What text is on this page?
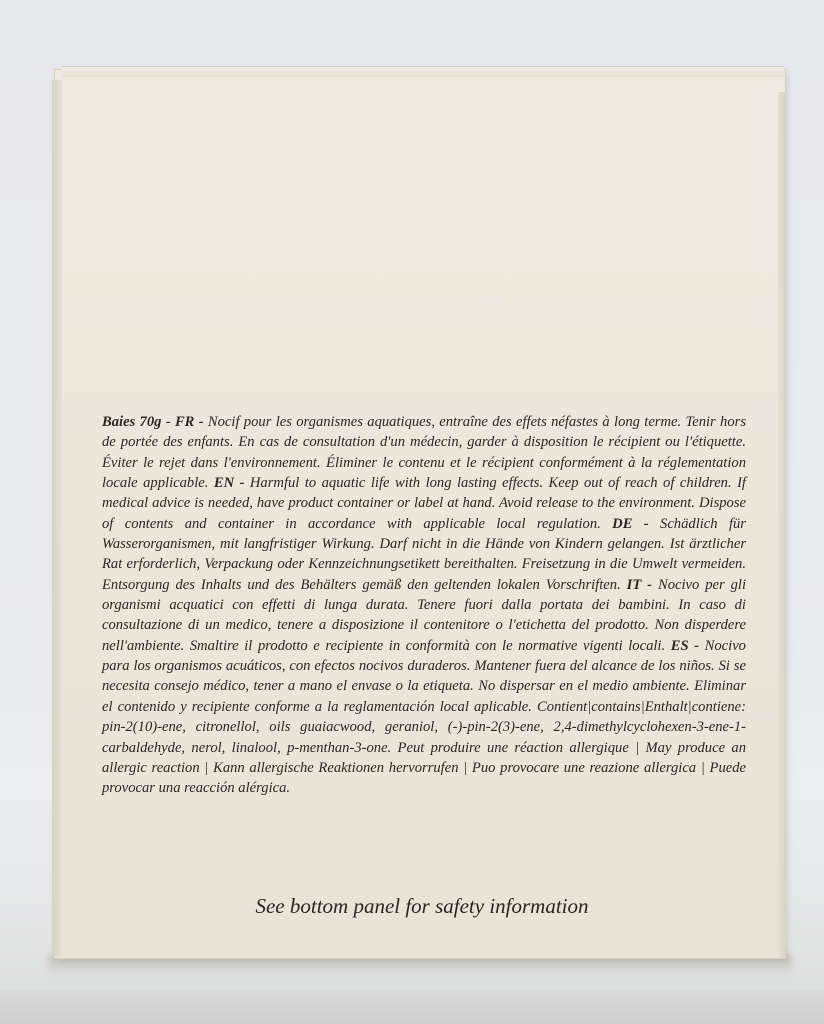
Baies 70g - FR - Nocif pour les organismes aquatiques, entraîne des effets néfastes à long terme. Tenir hors de portée des enfants. En cas de consultation d'un médecin, garder à disposition le récipient ou l'étiquette. Éviter le rejet dans l'environnement. Éliminer le contenu et le récipient conformément à la réglementation locale applicable. EN - Harmful to aquatic life with long lasting effects. Keep out of reach of children. If medical advice is needed, have product container or label at hand. Avoid release to the environment. Dispose of contents and container in accordance with applicable local regulation. DE - Schädlich für Wasserorganismen, mit langfristiger Wirkung. Darf nicht in die Hände von Kindern gelangen. Ist ärztlicher Rat erforderlich, Verpackung oder Kennzeichnungsetikett bereithalten. Freisetzung in die Umwelt vermeiden. Entsorgung des Inhalts und des Behälters gemäß den geltenden lokalen Vorschriften. IT - Nocivo per gli organismi acquatici con effetti di lunga durata. Tenere fuori dalla portata dei bambini. In caso di consultazione di un medico, tenere a disposizione il contenitore o l'etichetta del prodotto. Non disperdere nell'ambiente. Smaltire il prodotto e recipiente in conformità con le normative vigenti locali. ES - Nocivo para los organismos acuáticos, con efectos nocivos duraderos. Mantener fuera del alcance de los niños. Si se necesita consejo médico, tener a mano el envase o la etiqueta. No dispersar en el medio ambiente. Eliminar el contenido y recipiente conforme a la reglamentación local aplicable. Contient|contains|Enthalt|contiene: pin-2(10)-ene, citronellol, oils guaiacwood, geraniol, (-)-pin-2(3)-ene, 2,4-dimethylcyclohexen-3-ene-1-carbaldehyde, nerol, linalool, p-menthan-3-one. Peut produire une réaction allergique | May produce an allergic reaction | Kann allergische Reaktionen hervorrufen | Puo provocare une reazione allergica | Puede provocar una reacción alérgica.

See bottom panel for safety information
